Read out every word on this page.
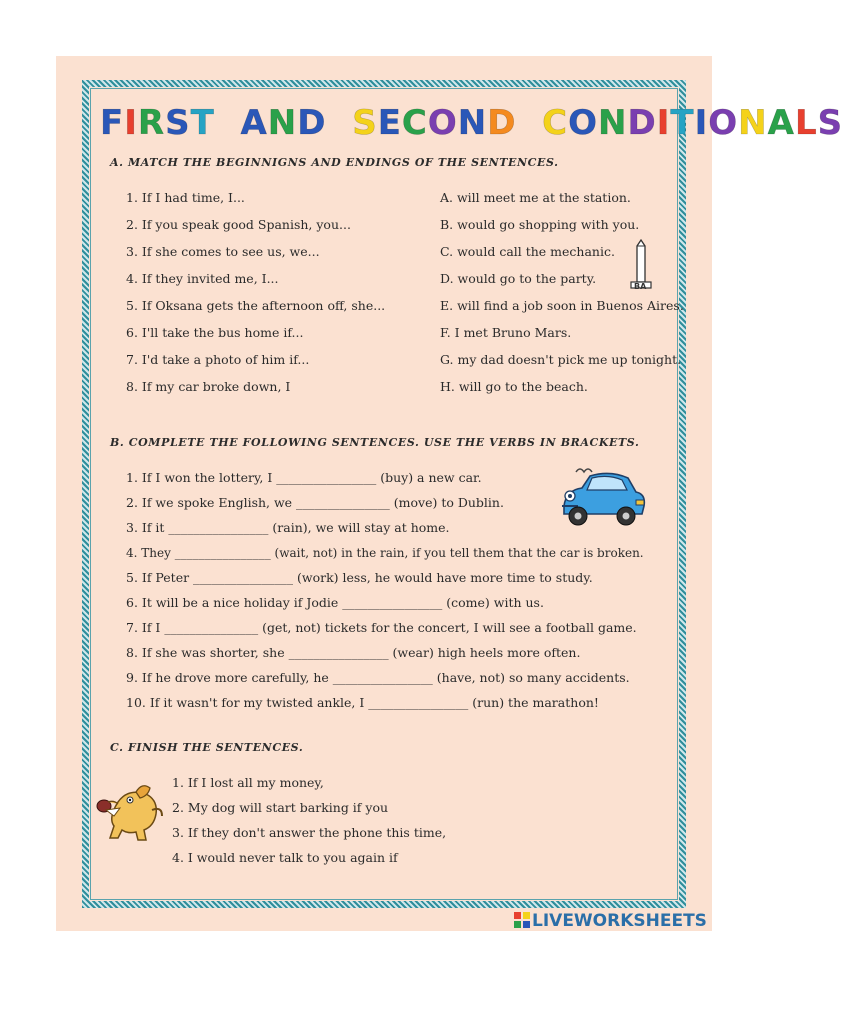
FIRST AND SECOND CONDITIONALS
A. MATCH THE BEGINNIGNS AND ENDINGS OF THE SENTENCES.
1. If I had time, I...
2. If you speak good Spanish, you...
3. If she comes to see us, we...
4. If they invited me, I...
5. If Oksana gets the afternoon off, she...
6. I'll take the bus home if...
7. I'd take a photo of him if...
8. If my car broke down, I
A. will meet me at the station.
B. would go shopping with you.
C. would call the mechanic.
D. would go to the party.
E. will find a job soon in Buenos Aires.
F. I met Bruno Mars.
G. my dad doesn't pick me up tonight.
H. will go to the beach.
BA
B. COMPLETE THE FOLLOWING SENTENCES. USE THE VERBS IN BRACKETS.
1. If I won the lottery, I ________________ (buy) a new car.
2. If we spoke English, we _______________ (move) to Dublin.
3. If it ________________ (rain), we will stay at home.
4. They ________________ (wait, not) in the rain, if you tell them that the car is broken.
5. If Peter ________________ (work) less, he would have more time to study.
6. It will be a nice holiday if Jodie ________________ (come) with us.
7. If I _______________ (get, not) tickets for the concert, I will see a football game.
8. If she was shorter, she ________________ (wear) high heels more often.
9. If he drove more carefully, he ________________ (have, not) so many accidents.
10. If it wasn't for my twisted ankle, I ________________ (run) the marathon!
C. FINISH THE SENTENCES.
1. If I lost all my money,
2. My dog will start barking if you
3. If they don't answer the phone this time,
4. I would never talk to you again if
LIVEWORKSHEETS
